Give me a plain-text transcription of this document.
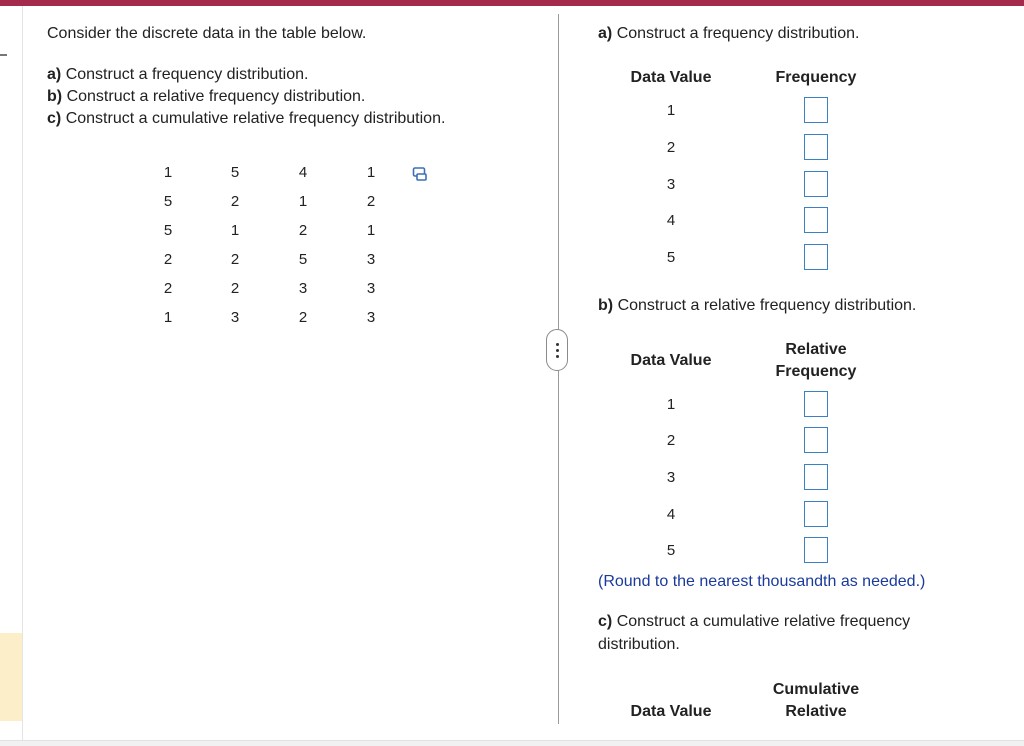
Consider the discrete data in the table below.
a) Construct a frequency distribution.
b) Construct a relative frequency distribution.
c) Construct a cumulative relative frequency distribution.
1
5
5
2
2
1
5
2
1
2
2
3
4
1
2
5
3
2
1
2
1
3
3
3
a) Construct a frequency distribution.
Data Value	Frequency
1
2
3
4
5
b) Construct a relative frequency distribution.
Data Value
Relative
Frequency
1
2
3
4
5
(Round to the nearest thousandth as needed.)
c) Construct a cumulative relative frequency
distribution.
Data Value
Cumulative
Relative
